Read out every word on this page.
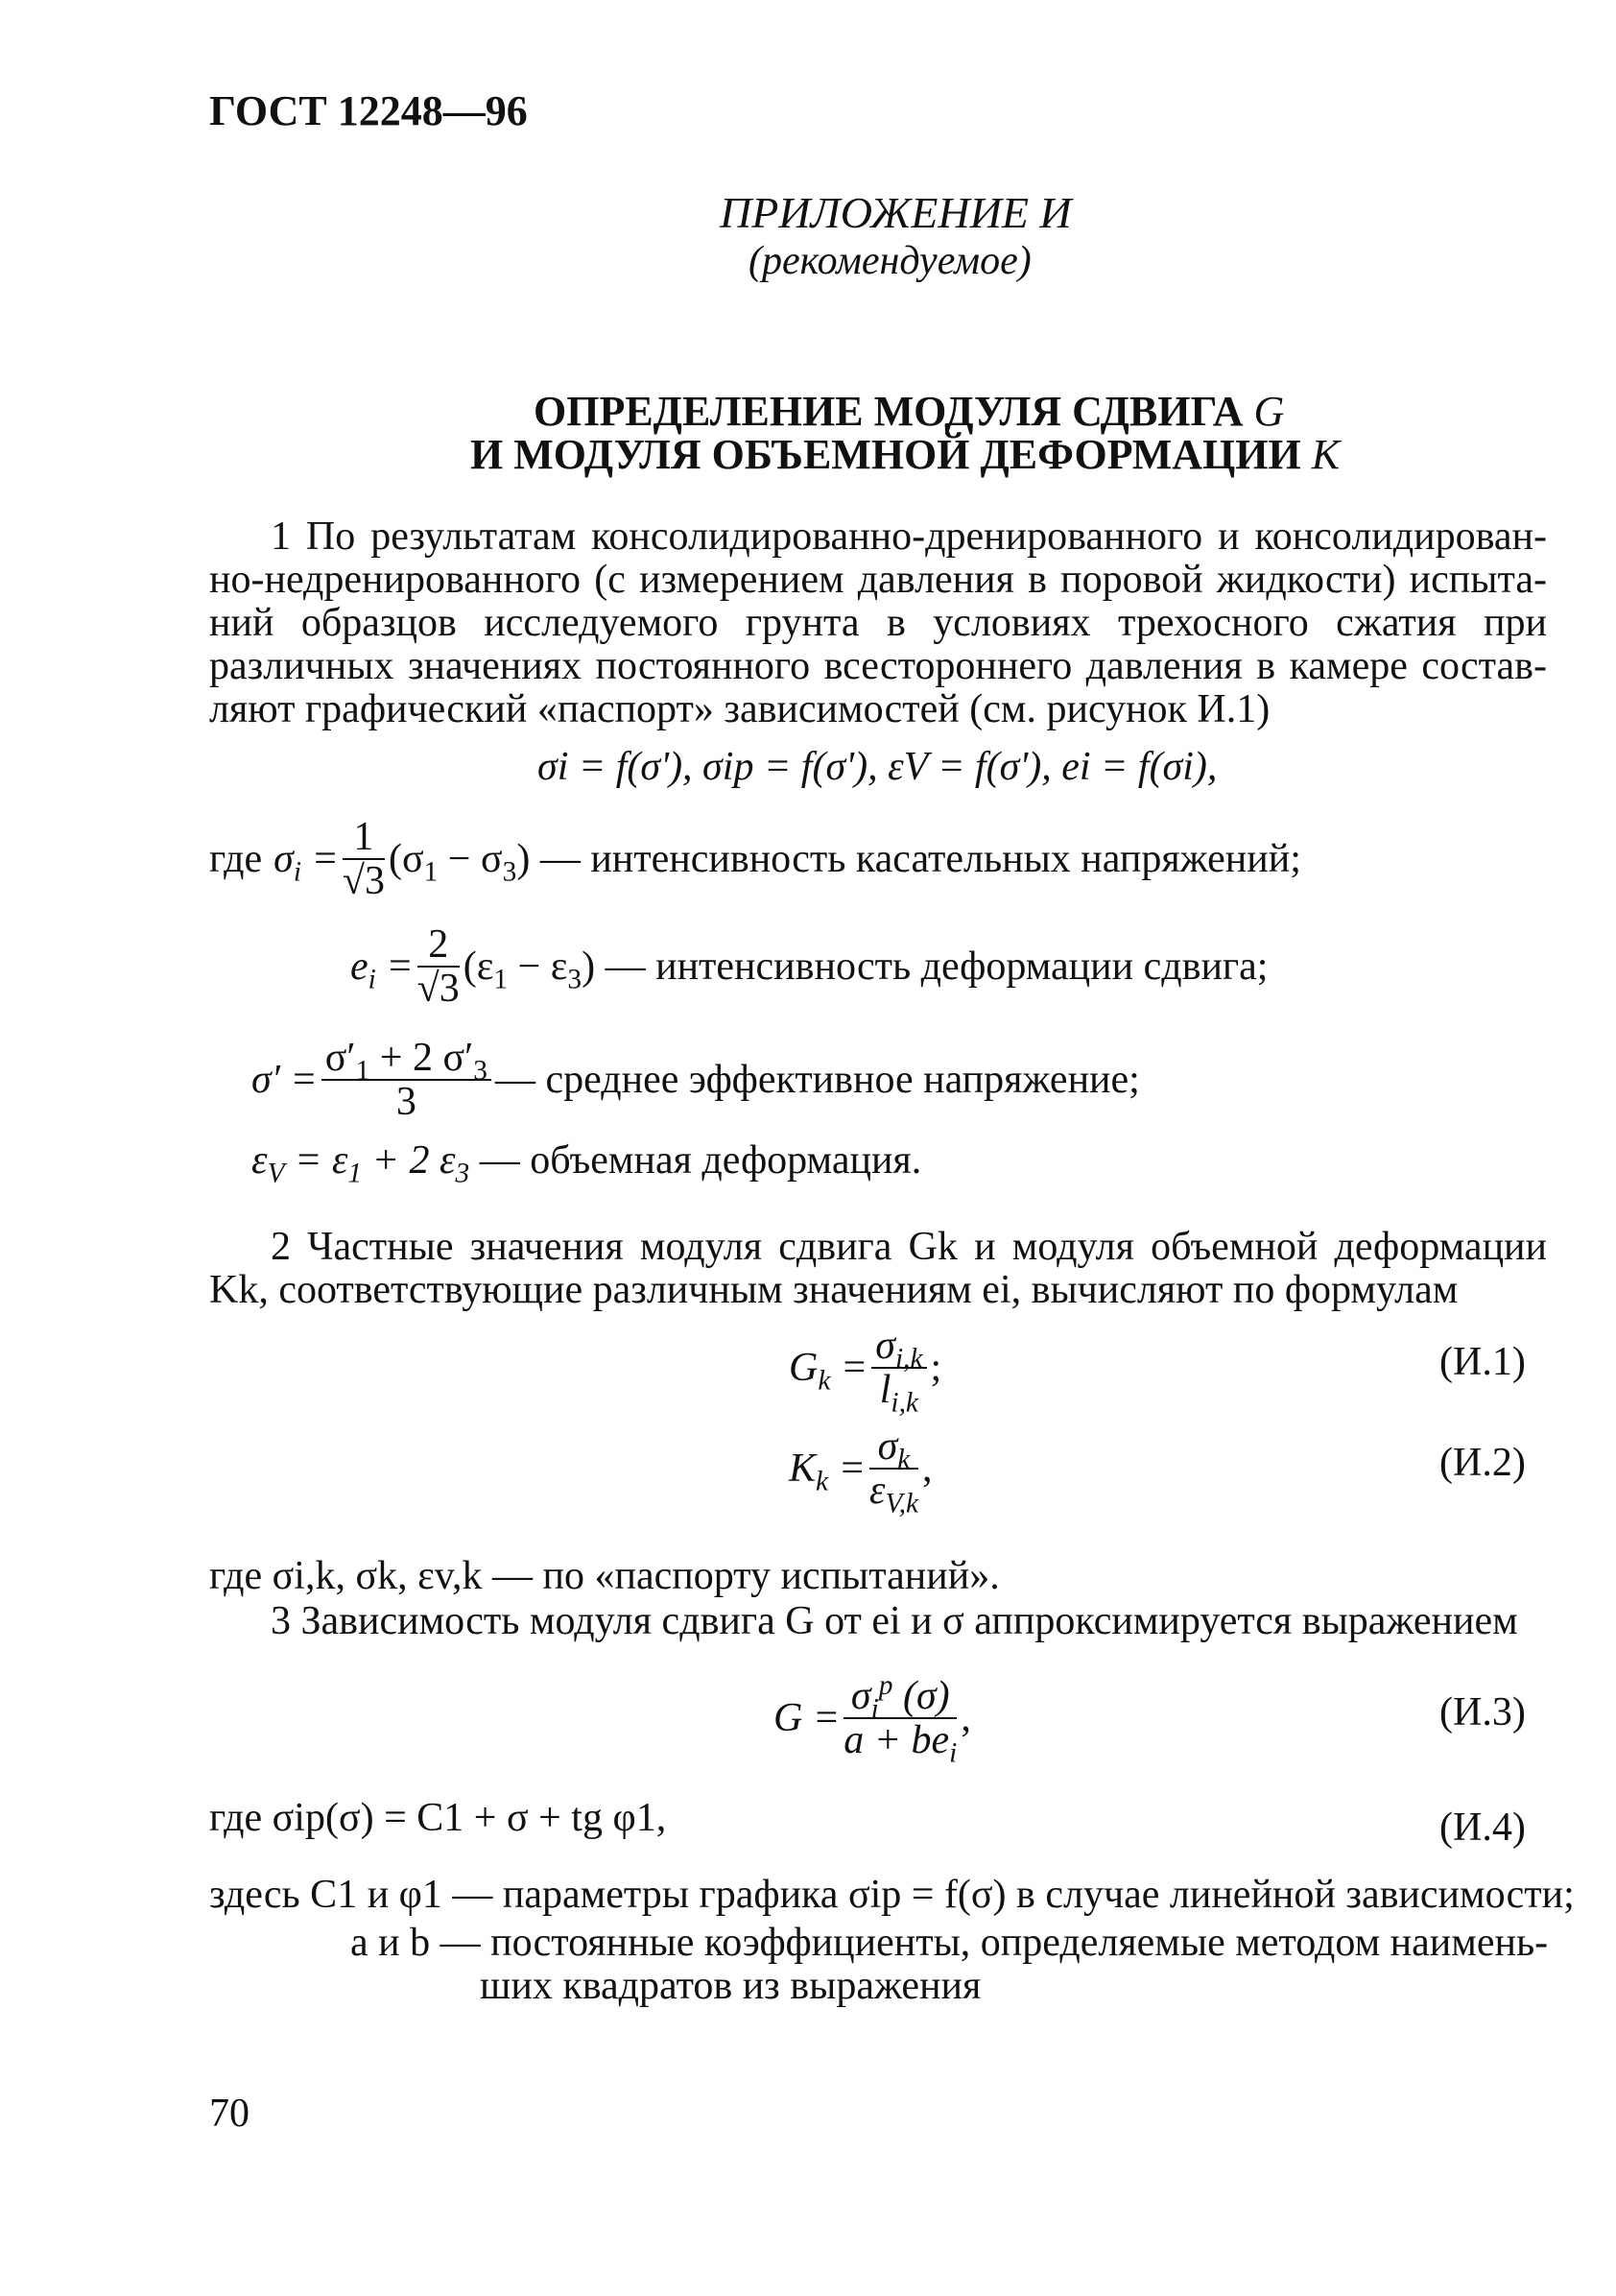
ГОСТ 12248—96
ПРИЛОЖЕНИЕ И
(рекомендуемое)
ОПРЕДЕЛЕНИЕ МОДУЛЯ СДВИГА G
И МОДУЛЯ ОБЪЕМНОЙ ДЕФОРМАЦИИ K
1 По результатам консолидированно-дренированного и консолидирован-
но-недренированного (с измерением давления в поровой жидкости) испыта-
ний образцов исследуемого грунта в условиях трехосного сжатия при
различных значениях постоянного всестороннего давления в камере состав-
ляют графический «паспорт» зависимостей (см. рисунок И.1)
σi = f(σ'), σip = f(σ'), εV = f(σ'), ei = f(σi),
где $\sigma_i = \frac{1}{√3} (\sigma_1 - \sigma_3)$ — интенсивность касательных напряжений;
$e_i = \frac{2}{√3} (\varepsilon_1 - \varepsilon_3)$ — интенсивность деформации сдвига;
$\sigma' = \frac{\sigma'_1 + 2 \sigma'_3}{3}$ — среднее эффективное напряжение;
$\varepsilon_V = \varepsilon_1 + 2$ $\varepsilon_3$ — объемная деформация.
2 Частные значения модуля сдвига Gk и модуля объемной деформации
Kk, соответствующие различным значениям ei, вычисляют по формулам
$G_k = \frac{\sigma_{i,k}}{l_{i,k}}$ ;	(И.1)
$K_k = \frac{\sigma_k}{\varepsilon_{V,k}}$ ,	(И.2)
где σi,k, σk, εv,k — по «паспорту испытаний».
3 Зависимость модуля сдвига G от ei и σ аппроксимируется выражением
$G = \frac{\sigma_i^p (\sigma)}{a + be_i}$ ,	(И.3)
где σip(σ) = C1 + σ + tg φ1,	(И.4)
здесь C1 и φ1 — параметры графика σip = f(σ) в случае линейной зависимости;
a и b — постоянные коэффициенты, определяемые методом наимень-
ших квадратов из выражения
70
